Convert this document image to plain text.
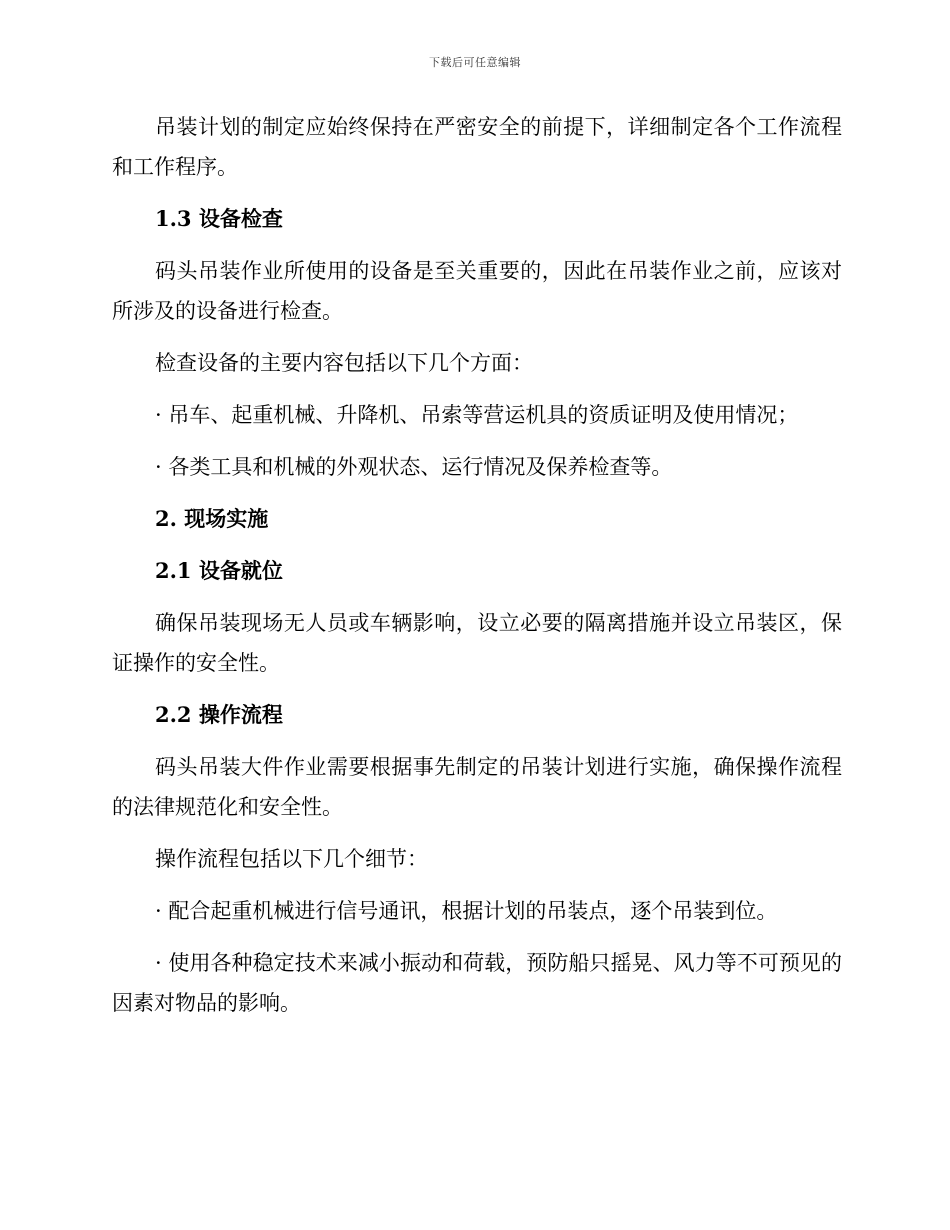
下载后可任意编辑

吊装计划的制定应始终保持在严密安全的前提下，详细制定各个工作流程和工作程序。

1.3 设备检查

码头吊装作业所使用的设备是至关重要的，因此在吊装作业之前，应该对所涉及的设备进行检查。

检查设备的主要内容包括以下几个方面：

· 吊车、起重机械、升降机、吊索等营运机具的资质证明及使用情况；

· 各类工具和机械的外观状态、运行情况及保养检查等。

2. 现场实施

2.1 设备就位

确保吊装现场无人员或车辆影响，设立必要的隔离措施并设立吊装区，保证操作的安全性。

2.2 操作流程

码头吊装大件作业需要根据事先制定的吊装计划进行实施，确保操作流程的法律规范化和安全性。

操作流程包括以下几个细节：

· 配合起重机械进行信号通讯，根据计划的吊装点，逐个吊装到位。

· 使用各种稳定技术来减小振动和荷载，预防船只摇晃、风力等不可预见的因素对物品的影响。
